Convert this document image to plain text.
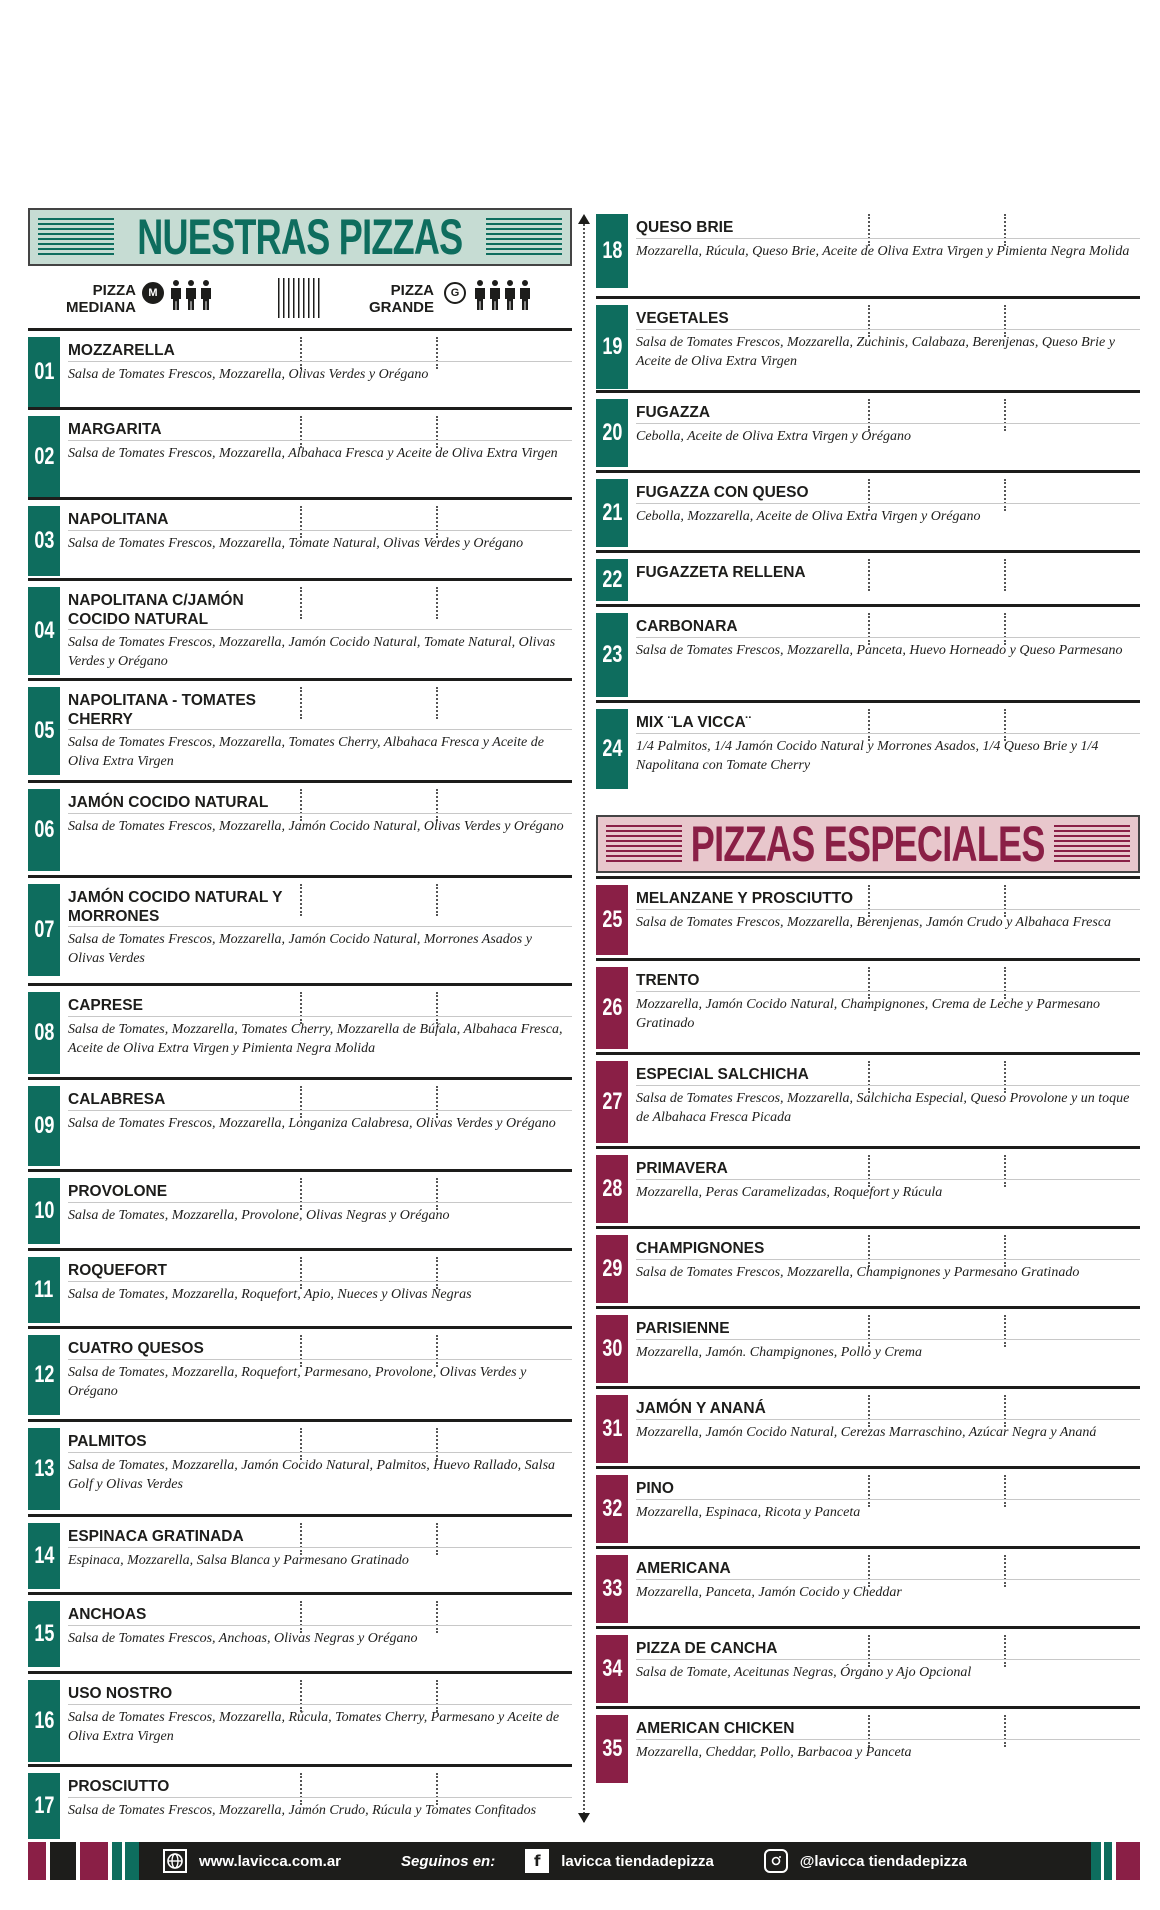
NUESTRAS PIZZAS
PIZZAS ESPECIALES
PIZZA MEDIANA
M	PIZZA GRANDE
G
01
MOZZARELLA
Salsa de Tomates Frescos, Mozzarella, Olivas Verdes y Orégano
02
MARGARITA
Salsa de Tomates Frescos, Mozzarella, Albahaca Fresca y Aceite de Oliva Extra Virgen
03
NAPOLITANA
Salsa de Tomates Frescos, Mozzarella, Tomate Natural, Olivas Verdes y Orégano
04
NAPOLITANA C/JAMÓN COCIDO NATURAL
Salsa de Tomates Frescos, Mozzarella, Jamón Cocido Natural, Tomate Natural, Olivas Verdes y Orégano
05
NAPOLITANA - TOMATES CHERRY
Salsa de Tomates Frescos, Mozzarella, Tomates Cherry, Albahaca Fresca y Aceite de Oliva Extra Virgen
06
JAMÓN COCIDO NATURAL
Salsa de Tomates Frescos, Mozzarella, Jamón Cocido Natural, Olivas Verdes y Orégano
07
JAMÓN COCIDO NATURAL Y MORRONES
Salsa de Tomates Frescos, Mozzarella, Jamón Cocido Natural, Morrones Asados y Olivas Verdes
08
CAPRESE
Salsa de Tomates, Mozzarella, Tomates Cherry, Mozzarella de Búfala, Albahaca Fresca, Aceite de Oliva Extra Virgen y Pimienta Negra Molida
09
CALABRESA
Salsa de Tomates Frescos, Mozzarella, Longaniza Calabresa, Olivas Verdes y Orégano
10
PROVOLONE
Salsa de Tomates, Mozzarella, Provolone, Olivas Negras y Orégano
11
ROQUEFORT
Salsa de Tomates, Mozzarella, Roquefort, Apio, Nueces y Olivas Negras
12
CUATRO QUESOS
Salsa de Tomates, Mozzarella, Roquefort, Parmesano, Provolone, Olivas Verdes y Orégano
13
PALMITOS
Salsa de Tomates, Mozzarella, Jamón Cocido Natural, Palmitos, Huevo Rallado, Salsa Golf y Olivas Verdes
14
ESPINACA GRATINADA
Espinaca, Mozzarella, Salsa Blanca y Parmesano Gratinado
15
ANCHOAS
Salsa de Tomates Frescos, Anchoas, Olivas Negras y Orégano
16
USO NOSTRO
Salsa de Tomates Frescos, Mozzarella, Rúcula, Tomates Cherry, Parmesano y Aceite de Oliva Extra Virgen
17
PROSCIUTTO
Salsa de Tomates Frescos, Mozzarella, Jamón Crudo, Rúcula y Tomates Confitados
18
QUESO BRIE
Mozzarella, Rúcula, Queso Brie, Aceite de Oliva Extra Virgen y Pimienta Negra Molida
19
VEGETALES
Salsa de Tomates Frescos, Mozzarella, Zuchinis, Calabaza, Berenjenas, Queso Brie y Aceite de Oliva Extra Virgen
20
FUGAZZA
Cebolla, Aceite de Oliva Extra Virgen y Orégano
21
FUGAZZA CON QUESO
Cebolla, Mozzarella, Aceite de Oliva Extra Virgen y Orégano
22 FUGAZZETA RELLENA
23
CARBONARA
Salsa de Tomates Frescos, Mozzarella, Panceta, Huevo Horneado y Queso Parmesano
24
MIX ¨LA VICCA¨
1/4 Palmitos, 1/4 Jamón Cocido Natural y Morrones Asados, 1/4 Queso Brie y 1/4 Napolitana con Tomate Cherry
25
MELANZANE Y PROSCIUTTO
Salsa de Tomates Frescos, Mozzarella, Berenjenas, Jamón Crudo y Albahaca Fresca
26
TRENTO
Mozzarella, Jamón Cocido Natural, Champignones, Crema de Leche y Parmesano Gratinado
27
ESPECIAL SALCHICHA
Salsa de Tomates Frescos, Mozzarella, Salchicha Especial, Queso Provolone y un toque de Albahaca Fresca Picada
28
PRIMAVERA
Mozzarella, Peras Caramelizadas, Roquefort y Rúcula
29
CHAMPIGNONES
Salsa de Tomates Frescos, Mozzarella, Champignones y Parmesano Gratinado
30
PARISIENNE
Mozzarella, Jamón. Champignones, Pollo y Crema
31
JAMÓN Y ANANÁ
Mozzarella, Jamón Cocido Natural, Cerezas Marraschino, Azúcar Negra y Ananá
32
PINO
Mozzarella, Espinaca, Ricota y Panceta
33
AMERICANA
Mozzarella, Panceta, Jamón Cocido y Cheddar
34
PIZZA DE CANCHA
Salsa de Tomate, Aceitunas Negras, Órgano y Ajo Opcional
35
AMERICAN CHICKEN
Mozzarella, Cheddar, Pollo, Barbacoa y Panceta
www.lavicca.com.ar	Seguinos en:	f	lavicca tiendadepizza	@lavicca tiendadepizza
